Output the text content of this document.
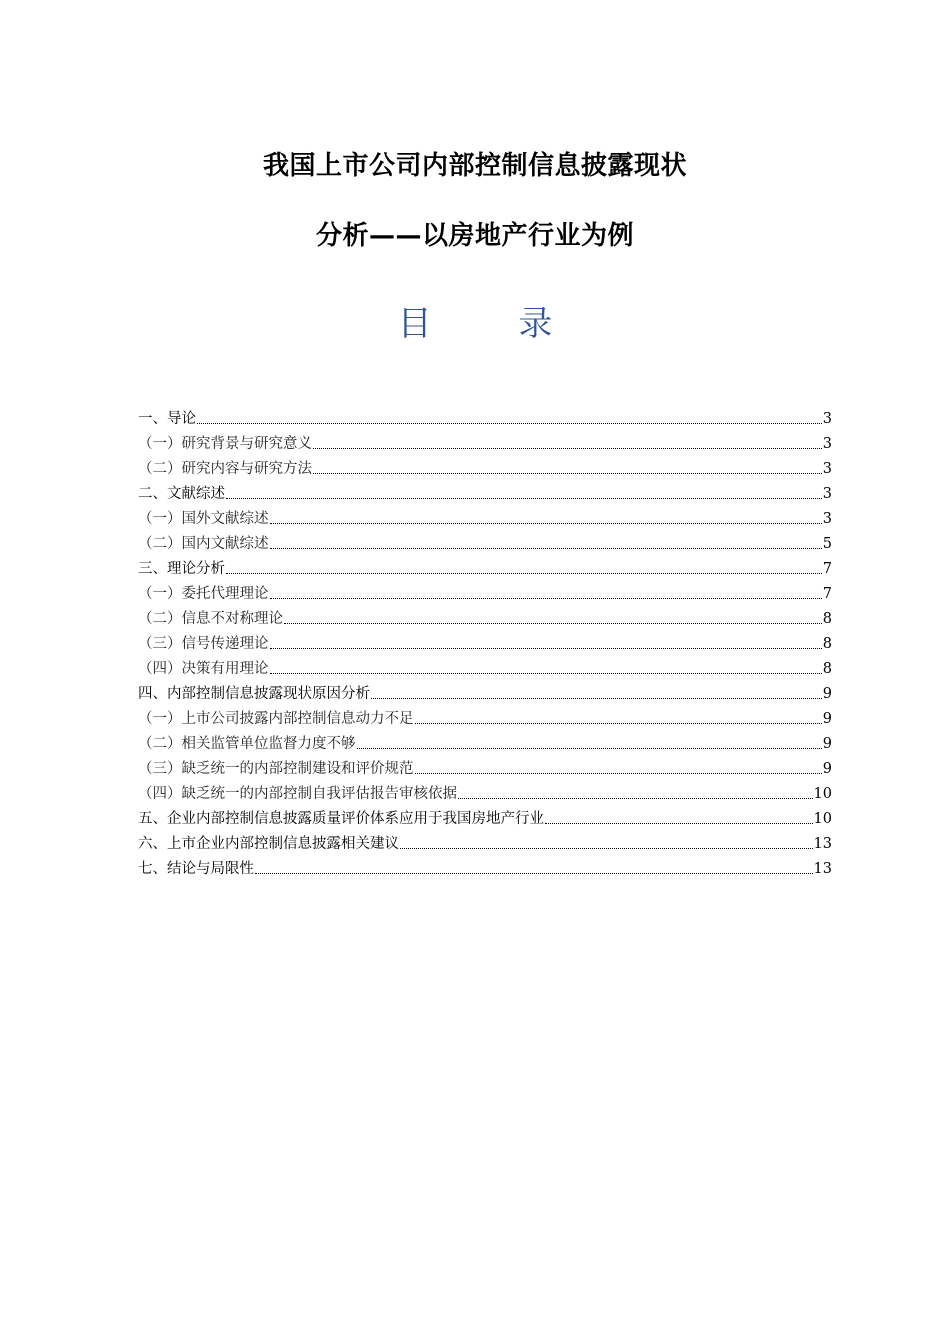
我国上市公司内部控制信息披露现状
分析——以房地产行业为例
目 录
一、导论	3
（一）研究背景与研究意义	3
（二）研究内容与研究方法	3
二、文献综述	3
（一）国外文献综述	3
（二）国内文献综述	5
三、理论分析	7
（一）委托代理理论	7
（二）信息不对称理论	8
（三）信号传递理论	8
（四）决策有用理论	8
四、内部控制信息披露现状原因分析	9
（一）上市公司披露内部控制信息动力不足	9
（二）相关监管单位监督力度不够	9
（三）缺乏统一的内部控制建设和评价规范	9
（四）缺乏统一的内部控制自我评估报告审核依据	10
五、企业内部控制信息披露质量评价体系应用于我国房地产行业	10
六、上市企业内部控制信息披露相关建议	13
七、结论与局限性	13
